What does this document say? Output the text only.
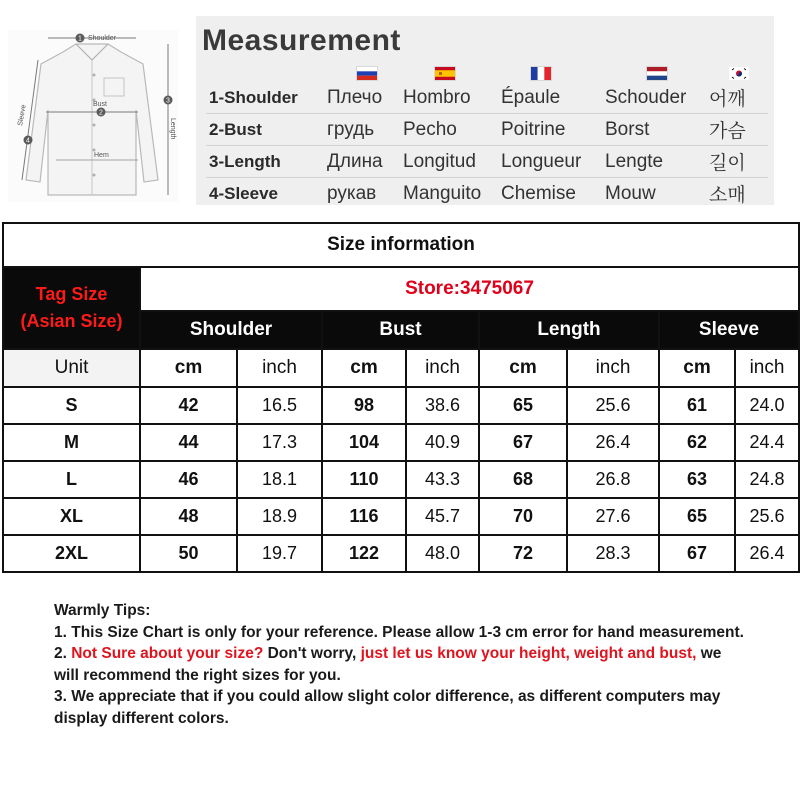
1 Shoulder
2
Bust
Hem
3
Length
4
Sleeve
Measurement
1-Shoulder	Плечо	Hombro	Épaule	Schouder	어깨
2-Bust	грудь	Pecho	Poitrine	Borst	가슴
3-Length	Длина	Longitud	Longueur	Lengte	길이
4-Sleeve	рукав	Manguito	Chemise	Mouw	소매
Size information								
Tag Size
(Asian Size)	Store:3475067							
	Shoulder		Bust		Length		Sleeve	
Unit	cm	inch	cm	inch	cm	inch	cm	inch
S	42	16.5	98	38.6	65	25.6	61	24.0
M	44	17.3	104	40.9	67	26.4	62	24.4
L	46	18.1	110	43.3	68	26.8	63	24.8
XL	48	18.9	116	45.7	70	27.6	65	25.6
2XL	50	19.7	122	48.0	72	28.3	67	26.4

Warmly Tips:

1. This Size Chart is only for your reference. Please allow 1-3 cm error for hand measurement.

2. Not Sure about your size? Don't worry, just let us know your height, weight and bust, we will recommend the right sizes for you.

3. We appreciate that if you could allow slight color difference, as different computers may display different colors.
